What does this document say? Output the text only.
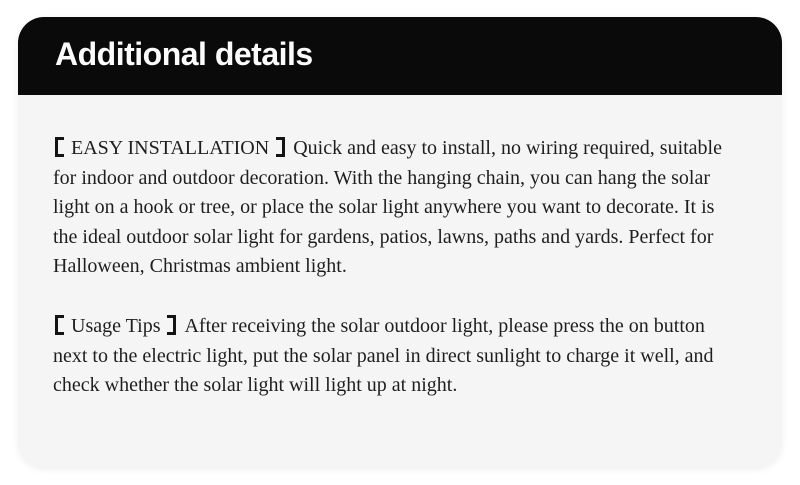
Additional details

EASY INSTALLATION Quick and easy to install, no wiring required, suitable for indoor and outdoor decoration. With the hanging chain, you can hang the solar light on a hook or tree, or place the solar light anywhere you want to decorate. It is the ideal outdoor solar light for gardens, patios, lawns, paths and yards. Perfect for Halloween, Christmas ambient light.

Usage Tips After receiving the solar outdoor light, please press the on button next to the electric light, put the solar panel in direct sunlight to charge it well, and check whether the solar light will light up at night.
